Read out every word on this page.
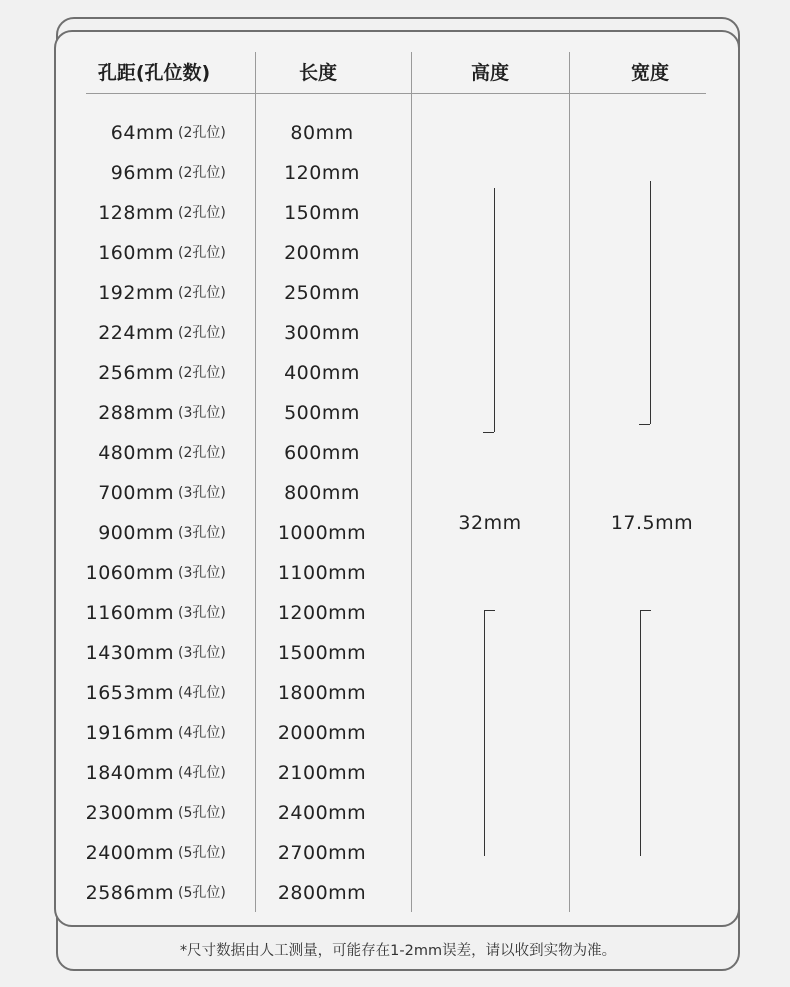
孔距(孔位数)	长度	高度	宽度
64mm (2孔位)	80mm
96mm (2孔位)	120mm
128mm (2孔位)	150mm
160mm (2孔位)	200mm
192mm (2孔位)	250mm
224mm (2孔位)	300mm
256mm (2孔位)	400mm
288mm (3孔位)	500mm
480mm (2孔位)	600mm
700mm (3孔位)	800mm
900mm (3孔位)	1000mm
1060mm (3孔位)	1100mm
1160mm (3孔位)	1200mm
1430mm (3孔位)	1500mm
1653mm (4孔位)	1800mm
1916mm (4孔位)	2000mm
1840mm (4孔位)	2100mm
2300mm (5孔位)	2400mm
2400mm (5孔位)	2700mm
2586mm (5孔位)	2800mm
32mm	17.5mm
*尺寸数据由人工测量，可能存在1-2mm误差，请以收到实物为准。
